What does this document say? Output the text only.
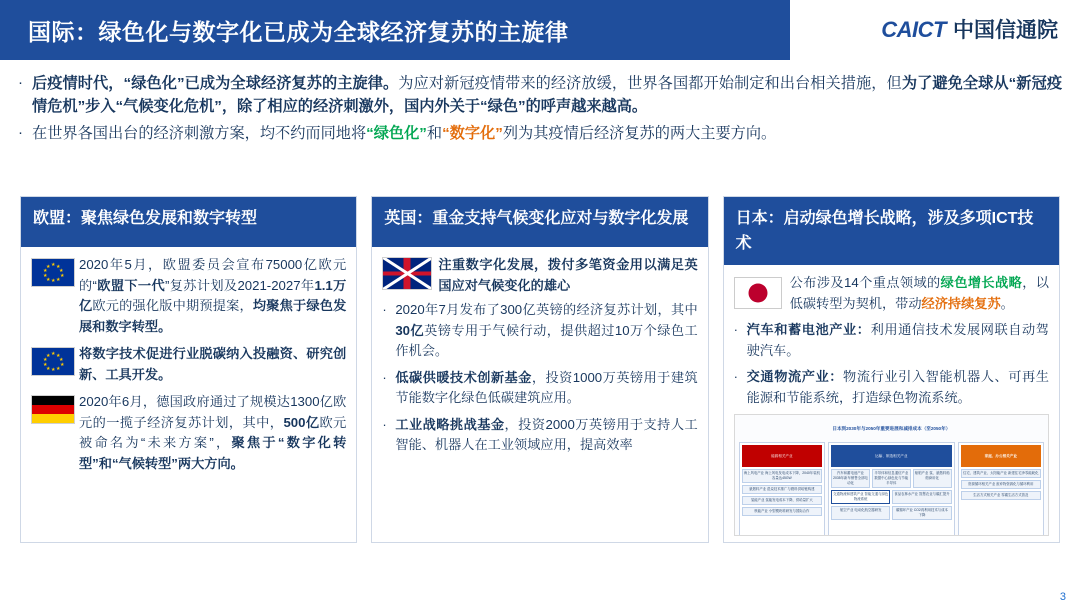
国际：绿色化与数字化已成为全球经济复苏的主旋律	CAICT 中国信通院
· 后疫情时代，“绿色化”已成为全球经济复苏的主旋律。为应对新冠疫情带来的经济放缓，世界各国都开始制定和出台相关措施，但为了避免全球从“新冠疫情危机”步入“气候变化危机”，除了相应的经济刺激外，国内外关于“绿色”的呼声越来越高。
· 在世界各国出台的经济刺激方案，均不约而同地将“绿色化”和“数字化”列为其疫情后经济复苏的两大主要方向。
欧盟：聚焦绿色发展和数字转型
★ ★
★
★
★
★
★
★
★
★ 2020年5月，欧盟委员会宣布75000亿欧元的“欧盟下一代”复苏计划及2021-2027年1.1万亿欧元的强化版中期预提案，均聚焦于绿色发展和数字转型。
★ ★
★
★
★
★
★
★
★
★ 将数字技术促进行业脱碳纳入投融资、研究创新、工具开发。
2020年6月，德国政府通过了规模达1300亿欧元的一揽子经济复苏计划，其中，500亿欧元被命名为“未来方案”，聚焦于“数字化转型”和“气候转型”两大方向。
英国：重金支持气候变化应对与数字化发展
注重数字化发展，拨付多笔资金用以满足英国应对气候变化的雄心
· 2020年7月发布了300亿英镑的经济复苏计划，其中30亿英镑专用于气候行动，提供超过10万个绿色工作机会。
· 低碳供暖技术创新基金，投资1000万英镑用于建筑节能数字化绿色低碳建筑应用。
· 工业战略挑战基金，投资2000万英镑用于支持人工智能、机器人在工业领域应用，提高效率
日本：启动绿色增长战略，涉及多项ICT技术
公布涉及14个重点领域的绿色增长战略，以低碳转型为契机，带动经济持续复苏。
· 汽车和蓄电池产业：利用通信技术发展网联自动驾驶汽车。
· 交通物流产业：物流行业引入智能机器人、可再生能源和节能系统，打造绿色物流系统。
日本到2030年与2050年重要进展和减排成本（至2050年）
能源相关产业
海上风电产业 海上风电发电成本下降，2040年装机容量达45GW
氨燃料产业 混烧技术推广与燃料供给链构建
氢能产业 氢能发电成本下降，供给量扩大
核能产业 小型模块堆研发与国际合作
运输、制造相关产业
汽车和蓄电池产业 2035年新车销售全部电动化
半导体和信息通信产业 数据中心绿色化与节能半导体
船舶产业 氢、氨燃料船舶商用化
交通物流和建筑产业 智能交通与绿色物流系统
食品农林水产业 智慧农业与碳汇提升
航空产业 电动化航空器研发	碳循环产业 CO2再利用技术与成本下降
家庭、办公相关产业
住宅、建筑产业、太阳能产业 新建住宅净零能耗化
资源循环相关产业 废弃物资源化与循环利用
生活方式相关产业 零碳生活方式普及
3
